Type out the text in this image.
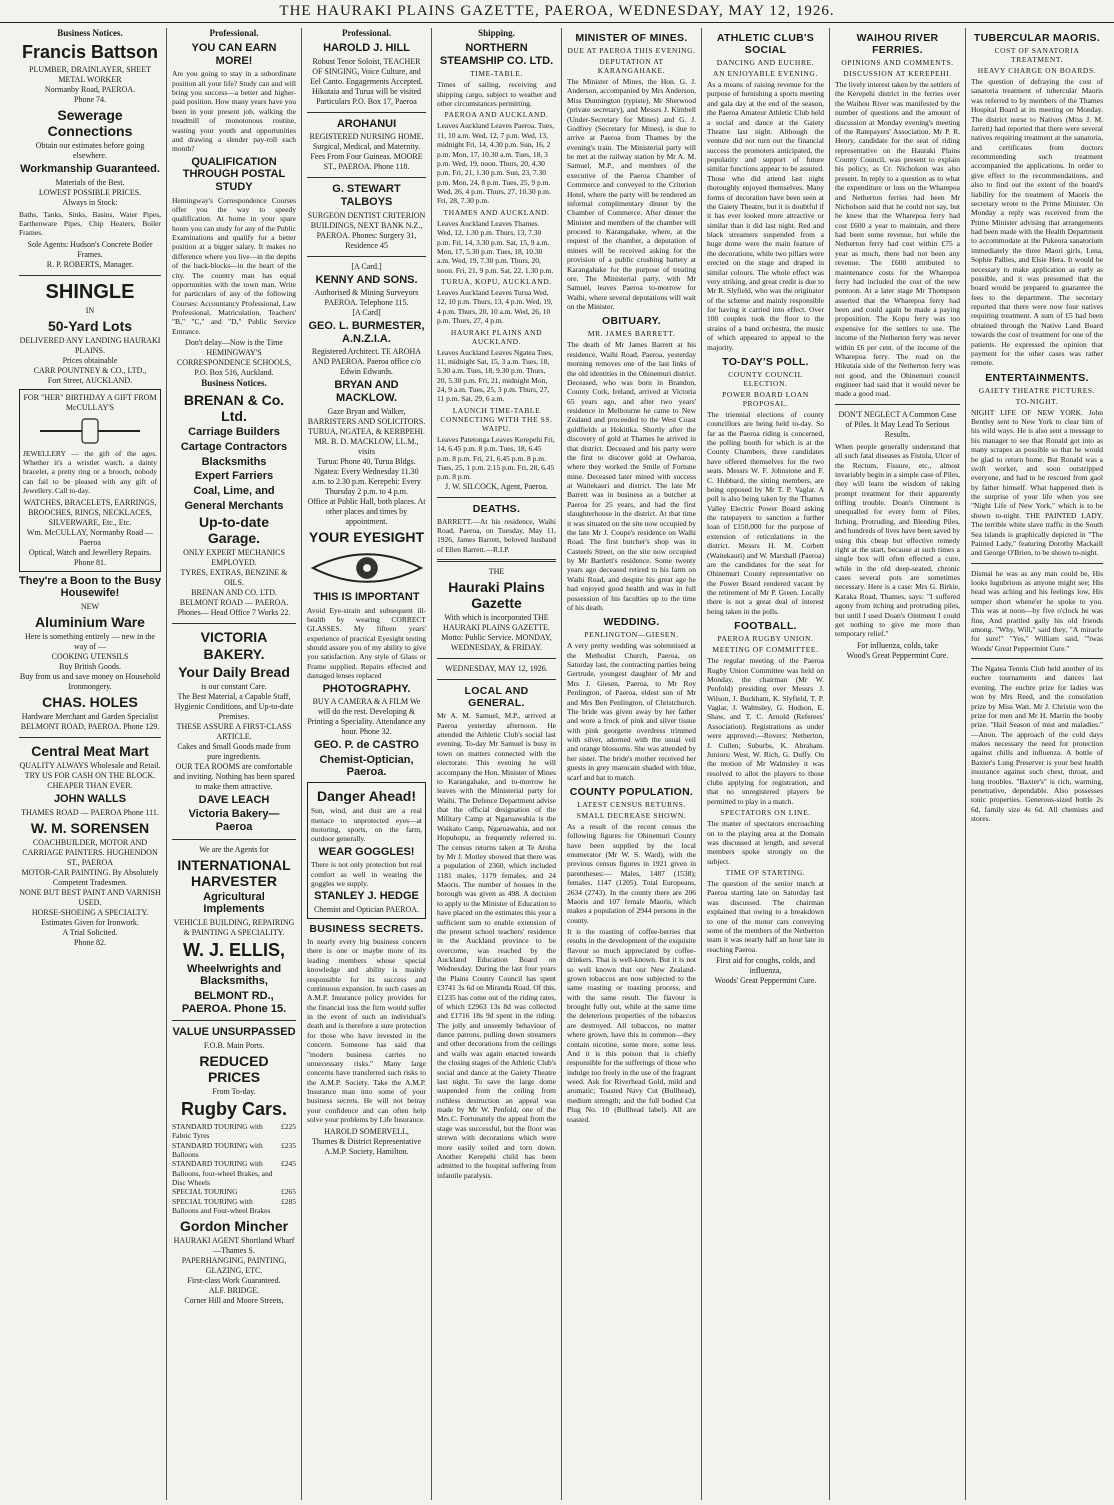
THE HAURAKI PLAINS GAZETTE, PAEROA, WEDNESDAY, MAY 12, 1926.
Business Notices.
Francis Battson

PLUMBER, DRAINLAYER, SHEET METAL WORKER

Normanby Road, PAEROA.

Phone 74.

Sewerage Connections

Obtain our estimates before going elsewhere.

Workmanship Guaranteed.

Materials of the Best.

LOWEST POSSIBLE PRICES.

Always in Stock:

Baths, Tanks, Sinks, Basins, Water Pipes, Earthenware Pipes, Chip Heaters, Boiler Frames.

Sole Agents: Hudson's Concrete Boiler Frames.

R. P. ROBERTS, Manager.

SHINGLE

IN

50-Yard Lots

DELIVERED ANY LANDING HAURAKI PLAINS.

Prices obtainable

CARR POUNTNEY & CO., LTD.,

Fort Street, AUCKLAND.

FOR "HER" BIRTHDAY A GIFT FROM McCULLAY'S

JEWELLERY — the gift of the ages. Whether it's a wristlet watch, a dainty bracelet, a pretty ring or a brooch, nobody can fail to be pleased with any gift of Jewellery. Call to-day.

WATCHES, BRACELETS, EARRINGS, BROOCHES, RINGS, NECKLACES, SILVERWARE, Etc., Etc.

Wm. McCULLAY, Normanby Road — Paeroa

Optical, Watch and Jewellery Repairs. Phone 81.

They're a Boon to the Busy Housewife!

NEW

Aluminium Ware

Here is something entirely — new in the way of —

COOKING UTENSILS

Buy British Goods.

Buy from us and save money on Household Ironmongery.

CHAS. HOLES

Hardware Merchant and Garden Specialist

BELMONT ROAD, PAEROA. Phone 129.

Central Meat Mart

QUALITY ALWAYS Wholesale and Retail.

TRY US FOR CASH ON THE BLOCK. CHEAPER THAN EVER.

JOHN WALLS

THAMES ROAD — PAEROA Phone 111.

W. M. SORENSEN

COACHBUILDER, MOTOR AND CARRIAGE PAINTERS. HUGHENDON ST., PAEROA

MOTOR-CAR PAINTING. By Absolutely Competent Tradesmen.

NONE BUT BEST PAINT AND VARNISH USED.

HORSE-SHOEING A SPECIALTY.

Estimates Given for Ironwork.

A Trial Solicited.

Phone 82.

Professional.
YOU CAN EARN MORE!

Are you going to stay in a subordinate position all your life? Study can and will bring you success—a better and higher-paid position. How many years have you been in your present job, walking the treadmill of monotonous routine, wasting your youth and opportunities and drawing a slender pay-roll each month?

QUALIFICATION THROUGH POSTAL STUDY

Hemingway's Correspondence Courses offer you the way to speedy qualification. At home in your spare hours you can study for any of the Public Examinations and qualify for a better position at a bigger salary. It makes no difference where you live—in the depths of the back-blocks—in the heart of the city. The country man has equal opportunities with the town man. Write for particulars of any of the following Courses: Accountancy Professional, Law Professional, Matriculation, Teachers' "B," "C," and "D," Public Service Entrance.

Don't delay—Now is the Time

HEMINGWAY'S CORRESPONDENCE SCHOOLS, P.O. Box 516, Auckland.

Business Notices.
BRENAN & Co. Ltd.
Carriage Builders
Cartage Contractors
Blacksmiths
Expert Farriers
Coal, Lime, and
General Merchants
Up-to-date Garage.

ONLY EXPERT MECHANICS EMPLOYED.

TYRES, EXTRAS, BENZINE & OILS.

BRENAN AND CO. LTD. BELMONT ROAD — PAEROA.

Phones— Head Office 7 Works 22.

VICTORIA BAKERY.
Your Daily Bread

is our constant Care.

The Best Material, a Capable Staff, Hygienic Conditions, and Up-to-date Premises.

THESE ASSURE A FIRST-CLASS ARTICLE.

Cakes and Small Goods made from pure ingredients.

OUR TEA ROOMS are comfortable and inviting. Nothing has been spared to make them attractive.

DAVE LEACH
Victoria Bakery—Paeroa

We are the Agents for

INTERNATIONAL HARVESTER
Agricultural Implements

VEHICLE BUILDING, REPAIRING & PAINTING A SPECIALITY.

W. J. ELLIS,
Wheelwrights and Blacksmiths,
BELMONT RD., PAEROA. Phone 15.
VALUE UNSURPASSED

F.O.B. Main Ports.

REDUCED PRICES

From To-day.

Rugby Cars.
STANDARD TOURING with Fabric Tyres
£225
STANDARD TOURING with Balloons
£235
STANDARD TOURING with Balloons, four-wheel Brakes, and Disc Wheels
£245
SPECIAL TOURING	£265
SPECIAL TOURING with Balloons and Four-wheel Brakes
£285
Gordon Mincher

HAURAKI AGENT Shortland Wharf—Thames S.

PAPERHANGING, PAINTING, GLAZING, ETC.

First-class Work Guaranteed.

ALF. BRIDGE.

Corner Hill and Moore Streets,

Professional.
HAROLD J. HILL

Robust Tenor Soloist, TEACHER OF SINGING, Voice Culture, and Eel Canto. Engagements Accepted. Hikutaia and Turua will be visited Particulars P.O. Box 17, Paeroa

AROHANUI

REGISTERED NURSING HOME. Surgical, Medical, and Maternity. Fees From Four Guineas. MOORE ST., PAEROA. Phone 118.

G. STEWART TALBOYS

SURGEON DENTIST CRITERION BUILDINGS, NEXT BANK N.Z., PAEROA. Phones: Surgery 31, Residence 45

[A Card.]

KENNY AND SONS.

Authorised & Mining Surveyors PAEROA. Telephone 115.

[A Card]

GEO. L. BURMESTER, A.N.Z.I.A.

Registered Architect. TE AROHA AND PAEROA. Paeroa office c/o Edwin Edwards.

BRYAN AND MACKLOW.

Gaze Bryan and Walker, BARRISTERS AND SOLICITORS. TURUA, NGATEA, & KERBPEHI.

MR. B. D. MACKLOW, LL.M., visits

Turua: Phone 40, Turua Bldgs. Ngatea: Every Wednesday 11.30 a.m. to 2.30 p.m. Kerepehi: Every Thursday 2 p.m. to 4 p.m.

Office at Public Hall, both places. At other places and times by appointment.

YOUR EYESIGHT
THIS IS IMPORTANT

Avoid Eye-strain and subsequent ill-health by wearing CORRECT GLASSES. My fifteen years' experience of practical Eyesight testing should assure you of my ability to give you satisfaction. Any style of Glass or Frame supplied. Repairs effected and damaged lenses replaced

PHOTOGRAPHY.

BUY A CAMERA & A FILM We will do the rest. Developing & Printing a Speciality. Attendance any hour. Phone 32.

GEO. P. de CASTRO
Chemist-Optician, Paeroa.
Danger Ahead!

Sun, wind, and dust are a real menace to unprotected eyes—at motoring, sports, on the farm, outdoor generally.

WEAR GOGGLES!

There is not only protection but real comfort as well in wearing the goggles we supply.

STANLEY J. HEDGE

Chemist and Optician PAEROA.

BUSINESS SECRETS.

In nearly every big business concern there is one or maybe more of its leading members whose special knowledge and ability is mainly responsible for its success and continuous expansion. In such cases an A.M.P. Insurance policy provides for the financial loss the firm would suffer in the event of such an individual's death and is therefore a sure protection for those who have invested in the concern. Someone has said that "modern business carries no unnecessary risks." Many large concerns have transferred such risks to the A.M.P. Society. Take the A.M.P. Insurance man into some of your business secrets. He will not betray your confidence and can often help solve your problems by Life Insurance.

HAROLD SOMERVELL,

Thames & District Representative A.M.P. Society, Hamilton.

Shipping.
NORTHERN STEAMSHIP CO. LTD.

TIME-TABLE.

Times of sailing, receiving and shipping cargo, subject to weather and other circumstances permitting.

PAEROA AND AUCKLAND.

Leaves Auckland Leaves Paeroa. Tues, 11, 10 a.m. Wed, 12, 7 p.m. Wed, 13, midnight Fri, 14, 4.30 p.m. Sun, 16, 2 p.m. Mon, 17, 10.30 a.m. Tues, 18, 3 p.m. Wed, 19, noon. Thurs, 20, 4.30 p.m. Fri, 21, 1.30 p.m. Sun, 23, 7.30 p.m. Mon, 24, 8 p.m. Tues, 25, 9 p.m. Wed, 26, 4 p.m. Thurs, 27, 10.30 p.m. Fri, 28, 7.30 p.m.

THAMES AND AUCKLAND.

Leaves Auckland Leaves Thames. Wed, 12, 1.30 p.m. Thurs, 13, 7.30 p.m. Fri, 14, 3.30 p.m. Sat, 15, 9 a.m. Mon, 17, 5.30 p.m. Tues, 18, 10.30 a.m. Wed, 19, 7.30 p.m. Thurs, 20, noon. Fri, 21, 9 p.m. Sat, 22, 1.30 p.m.

TURUA, KOPU, AUCKLAND.

Leaves Auckland Leaves Turua Wed, 12, 10 p.m. Thurs, 13, 4 p.m. Wed, 19, 4 p.m. Thurs, 20, 10 a.m. Wed, 26, 10 p.m. Thurs, 27, 4 p.m.

HAURAKI PLAINS AND AUCKLAND.

Leaves Auckland Leaves Ngatea Tues, 11, midnight Sat, 15, 3 a.m. Tues, 18, 5.30 a.m. Tues, 18, 9.30 p.m. Thurs, 20, 5.30 p.m. Fri, 21, midnight Mon, 24, 9 a.m. Tues, 25, 3 p.m. Thurs, 27, 11 p.m. Sat, 29, 6 a.m.

LAUNCH TIME-TABLE CONNECTING WITH THE SS. WAIPU.

Leaves Patetonga Leaves Kerepehi Fri, 14, 6.45 p.m. 8 p.m. Tues, 18, 6.45 p.m. 8 p.m. Fri, 21, 6.45 p.m. 8 p.m. Tues, 25, 1 p.m. 2.15 p.m. Fri, 28, 6.45 p.m. 8 p.m.

J. W. SILCOCK, Agent, Paeroa.

DEATHS.

BARRETT.—At his residence, Waihi Road, Paeroa, on Tuesday, May 11, 1926, James Barrett, beloved husband of Ellen Barrett.—R.I.P.

THE

Hauraki Plains Gazette

With which is incorporated THE HAURAKI PLAINS GAZETTE. Motto: Public Service. MONDAY, WEDNESDAY, & FRIDAY.

WEDNESDAY, MAY 12, 1926.

LOCAL AND GENERAL.

Mr A. M. Samuel, M.P., arrived at Paeroa yesterday afternoon. He attended the Athletic Club's social last evening. To-day Mr Samuel is busy in town on matters connected with the electorate. This evening he will accompany the Hon. Minister of Mines to Karangahake, and to-morrow he leaves with the Ministerial party for Waihi. The Defence Department advise that the official designation of the Military Camp at Ngaruawahia is the Waikato Camp, Ngaruawahia, and not Hopuhopu, as frequently referred to. The census returns taken at Te Aroha by Mr J. Motley showed that there was a population of 2360, which included 1181 males, 1179 females, and 24 Maoris. The number of houses in the borough was given as 498. A decision to apply to the Minister of Education to have placed on the estimates this year a sufficient sum to enable extension of the present school teachers' residence in the Auckland province to be overcome, was reached by the Auckland Education Board on Wednesday. During the last four years the Plains County Council has spent £3741 3s 6d on Miranda Road. Of this, £1235 has come out of the riding rates, of which £2963 13s 8d was collected and £1716 18s 9d spent in the riding. The jolly and unseemly behaviour of dance patrons, pulling down streamers and other decorations from the ceilings and walls was again enacted towards the closing stages of the Athletic Club's social and dance at the Gaiety Theatre last night. To save the large dome suspended from the ceiling from ruthless destruction an appeal was made by Mr W. Penfold, one of the Mrs.C. Fortunately the appeal from the stage was successful, but the floor was strewn with decorations which were more easily soiled and torn down. Another Kerepehi child has been admitted to the hospital suffering from infantile paralysis.

MINISTER OF MINES.

DUE AT PAEROA THIS EVENING.

DEPUTATION AT KARANGAHAKE.

The Minister of Mines, the Hon. G. J. Anderson, accompanied by Mrs Anderson, Miss Dunnington (typiste), Mr Sherwood (private secretary), and Messrs J. Kimbell (Under-Secretary for Mines) and G. J. Godfrey (Secretary for Mines), is due to arrive at Paeroa from Thames by the evening's train. The Ministerial party will be met at the railway station by Mr A. M. Samuel, M.P., and members of the executive of the Paeroa Chamber of Commerce and conveyed to the Criterion Hotel, where the party will be tendered an informal complimentary dinner by the Chamber of Commerce. After dinner the Minister and members of the chamber will proceed to Karangahake, where, at the request of the chamber, a deputation of miners will be received asking for the provision of a public crushing battery at Karangahake for the purpose of treating ore. The Ministerial party, with Mr Samuel, leaves Paeroa to-morrow for Waihi, where several deputations will wait on the Minister.

OBITUARY.

MR. JAMES BARRETT.

The death of Mr James Barrett at his residence, Waihi Road, Paeroa, yesterday morning removes one of the last links of the old identities in the Ohinemuri district. Deceased, who was born in Brandon, County Cork, Ireland, arrived at Victoria 65 years ago, and after two years' residence in Melbourne he came to New Zealand and proceeded to the West Coast goldfields at Hokitika. Shortly after the discovery of gold at Thames he arrived in that district. Deceased and his party were the first to discover gold at Owharoa, where they worked the Smile of Fortune mine. Deceased later mined with success at Waitekauri and district. The late Mr Barrett was in business as a butcher at Paeroa for 25 years, and had the first slaughterhouse in the district. At that time it was situated on the site now occupied by the late Mr J. Coupe's residence on Waihi Road. The first butcher's shop was in Casteels Street, on the site now occupied by Mr Bartlett's residence. Some twenty years ago deceased retired to his farm on Waihi Road, and despite his great age he had enjoyed good health and was in full possession of his faculties up to the time of his death.

WEDDING.

PENLINGTON—GIESEN.

A very pretty wedding was solemnised at the Methodist Church, Paeroa, on Saturday last, the contracting parties being Gertrude, youngest daughter of Mr and Mrs J. Giesen, Paeroa, to Mr Roy Penlington, of Paeroa, eldest son of Mr and Mrs Ben Penlington, of Christchurch. The bride was given away by her father and wore a frock of pink and silver tissue with pink georgette overdress trimmed with silver, adorned with the usual veil and orange blossoms. She was attended by her sister. The bride's mother received her guests in grey marocain shaded with blue, scarf and hat to match.

COUNTY POPULATION.

LATEST CENSUS RETURNS.

SMALL DECREASE SHOWN.

As a result of the recent census the following figures for Ohinemuri County have been supplied by the local enumerator (Mr W. S. Ward), with the previous census figures in 1921 given in parentheses:— Males, 1487 (1538); females, 1147 (1205). Total Europeans, 2634 (2743). In the county there are 206 Maoris and 107 female Maoris, which makes a population of 2944 persons in the county.

It is the roasting of coffee-berries that results in the development of the exquisite flavour so much appreciated by coffee-drinkers. That is well-known. But it is not so well known that our New Zealand-grown tobaccos are now subjected to the same roasting or toasting process, and with the same result. The flavour is brought fully out, while at the same time the deleterious properties of the tobaccos are destroyed. All tobaccos, no matter where grown, have this in common—they contain nicotine, some more, some less. And it is this poison that is chiefly responsible for the sufferings of those who indulge too freely in the use of the fragrant weed. Ask for Riverhead Gold, mild and aromatic; Toasted Navy Cut (Bullhead), medium strength; and the full bodied Cut Plug No. 10 (Bullhead label). All are toasted.

ATHLETIC CLUB'S SOCIAL

DANCING AND EUCHRE.

AN ENJOYABLE EVENING.

As a means of raising revenue for the purpose of furnishing a sports meeting and gala day at the end of the season, the Paeroa Amateur Athletic Club held a social and dance at the Gaiety Theatre last night. Although the venture did not turn out the financial success the promoters anticipated, the popularity and support of future similar functions appear to be assured. Those who did attend last night thoroughly enjoyed themselves. Many forms of decoration have been seen at the Gaiety Theatre, but it is doubtful if it has ever looked more attractive or similar than it did last night. Red and black streamers suspended from a huge dome were the main feature of the decorations, while two pillars were erected on the stage and draped in similar colours. The whole effect was very striking, and great credit is due to Mr R. Slyfield, who was the originator of the scheme and mainly responsible for having it carried into effect. Over 100 couples took the floor to the strains of a band orchestra, the music of which appeared to appeal to the majority.

TO-DAY'S POLL.

COUNTY COUNCIL ELECTION.

POWER BOARD LOAN PROPOSAL.

The triennial elections of county councillors are being held to-day. So far as the Paeroa riding is concerned, the polling booth for which is at the County Chambers, three candidates have offered themselves for the two seats. Messrs W. F. Johnstone and F. C. Hubbard, the sitting members, are being opposed by Mr T. P. Vaglar. A poll is also being taken by the Thames Valley Electric Power Board asking the ratepayers to sanction a further loan of £150,000 for the purpose of extension of reticulations in the district. Messrs H. M. Corbett (Waitekauri) and W. Marshall (Paeroa) are the candidates for the seat for Ohinemuri County representative on the Power Board rendered vacant by the retirement of Mr P. Green. Locally there is not a great deal of interest being taken in the polls.

FOOTBALL.

PAEROA RUGBY UNION.

MEETING OF COMMITTEE.

The regular meeting of the Paeroa Rugby Union Committee was held on Monday, the chairman (Mr W. Penfold) presiding over Messrs J. Wilson, J. Buckham, K. Slyfield, T. P. Vaglar, J. Walmsley, G. Hodson, E. Shaw, and T. C. Arnold (Referees' Association). Registrations as under were approved:—Rovers: Netherton, J. Cullen; Suburbs, K. Abraham. Juniors: West, W. Rich, G. Duffy. On the motion of Mr Walmsley it was resolved to allot the players to those clubs applying for registration, and that no unregistered players be permitted to play in a match.

SPECTATORS ON LINE.

The matter of spectators encroaching on to the playing area at the Domain was discussed at length, and several members spoke strongly on the subject.

TIME OF STARTING.

The question of the senior match at Paeroa starting late on Saturday last was discussed. The chairman explained that owing to a breakdown to one of the motor cars conveying some of the members of the Netherton team it was nearly half an hour late in reaching Paeroa.

First aid for coughs, colds, and influenza,

Woods' Great Peppermint Cure.

WAIHOU RIVER FERRIES.

OPINIONS AND COMMENTS.

DISCUSSION AT KEREPEHI.

The lively interest taken by the settlers of the Kerepehi district in the ferries over the Waihou River was manifested by the number of questions and the amount of discussion at Monday evening's meeting of the Ratepayers' Association. Mr P. R. Henry, candidate for the seat of riding representative on the Hauraki Plains County Council, was present to explain his policy, as Cr. Nicholson was also present. In reply to a question as to what the expenditure or loss on the Wharepoa and Netherton ferries had been Mr Nicholson said that he could not say, but he knew that the Wharepoa ferry had cost £600 a year to maintain, and there had been some revenue, but while the Netherton ferry had cost within £75 a year as much, there had not been any revenue. The £600 attributed to maintenance costs for the Wharepoa ferry had included the cost of the new pontoon. At a later stage Mr Thompson asserted that the Wharepoa ferry had been and could again be made a paying proposition. The Kopu ferry was too expensive for the settlers to use. The income of the Netherton ferry was never within £6 per cent. of the income of the Wharepoa ferry. The road on the Hikutaia side of the Netherton ferry was not good, and the Ohinemuri council engineer had said that it would never be made a good road.

DON'T NEGLECT A Common Case of Piles. It May Lead To Serious Results.

When people generally understand that all such fatal diseases as Fistula, Ulcer of the Rectum, Fissure, etc., almost invariably begin in a simple case of Piles, they will learn the wisdom of taking prompt treatment for their apparently trifling trouble. Doan's Ointment is unequalled for every form of Piles, Itching, Protruding, and Bleeding Piles, and hundreds of lives have been saved by using this cheap but effective remedy right at the start, because at such times a single box will often effected a cure, while in the old deep-seated, chronic cases several pots are sometimes necessary. Here is a case: Mrs G. Birkie, Karaka Road, Thames, says: "I suffered agony from itching and protruding piles, but until I used Doan's Ointment I could get nothing to give me more than temporary relief."

For influenza, colds, take

Wood's Great Peppermint Cure.

TUBERCULAR MAORIS.

COST OF SANATORIA TREATMENT.

HEAVY CHARGE ON BOARDS.

The question of defraying the cost of sanatoria treatment of tubercular Maoris was referred to by members of the Thames Hospital Board at its meeting on Monday. The district nurse to Natives (Miss J. M. Jarrett) had reported that there were several natives requiring treatment at the sanatoria, and certificates from doctors recommending such treatment accompanied the applications. In order to give effect to the recommendations, and also to find out the extent of the board's liability for the treatment of Maoris the secretary wrote to the Prime Minister. On Monday a reply was received from the Prime Minister advising that arrangements had been made with the Health Department to accommodate at the Pukeora sanatorium immediately the three Maori girls, Lena, Sophie Pallies, and Elsie Hera. It would be necessary to make application as early as possible, and it was presumed that the board would be prepared to guarantee the fees to the department. The secretary reported that there were now four natives requiring treatment. A sum of £5 had been obtained through the Native Land Board towards the cost of treatment for one of the patients. He expressed the opinion that payment for the other cases was rather remote.

ENTERTAINMENTS.

GAIETY THEATRE PICTURES.

TO-NIGHT.

NIGHT LIFE OF NEW YORK. John Bentley sent to New York to clear him of his wild ways. He is also sent a message to his manager to see that Ronald got into as many scrapes as possible so that he would be glad to return home. But Ronald was a swift worker, and soon outstripped everyone, and had to be rescued from gaol by father himself. What happened then is the surprise of your life when you see "Night Life of New York," which is to be shown to-night. THE PAINTED LADY. The terrible white slave traffic in the South Sea islands is graphically depicted in "The Painted Lady," featuring Dorothy Mackaill and George O'Brien, to be shown to-night.

Dismal he was as any man could be, His looks lugubrious as anyone might see; His head was aching and his feelings low, His temper short whene'er he spoke to you. This was at noon—by five o'clock he was fine, And prattled gaily his old friends among. "Why, Will," said they, "A miracle for sure!" "Yes," William said, "'twas Woods' Great Peppermint Cure."

The Ngatea Tennis Club held another of its euchre tournaments and dances last evening. The euchre prize for ladies was won by Mrs Reed, and the consolation prize by Miss Watt. Mr J. Christie won the prize for men and Mr H. Martin the booby prize. "Hail Season of mist and maladies." —Anon. The approach of the cold days makes necessary the need for protection against chills and influenza. A bottle of Baxter's Lung Preserver is your best health insurance against such chest, throat, and lung troubles. "Baxter's" is rich, warming, penetrative, dependable. Also possesses tonic properties. Generous-sized bottle 2s 6d, family size 4s 6d. All chemists and stores.
